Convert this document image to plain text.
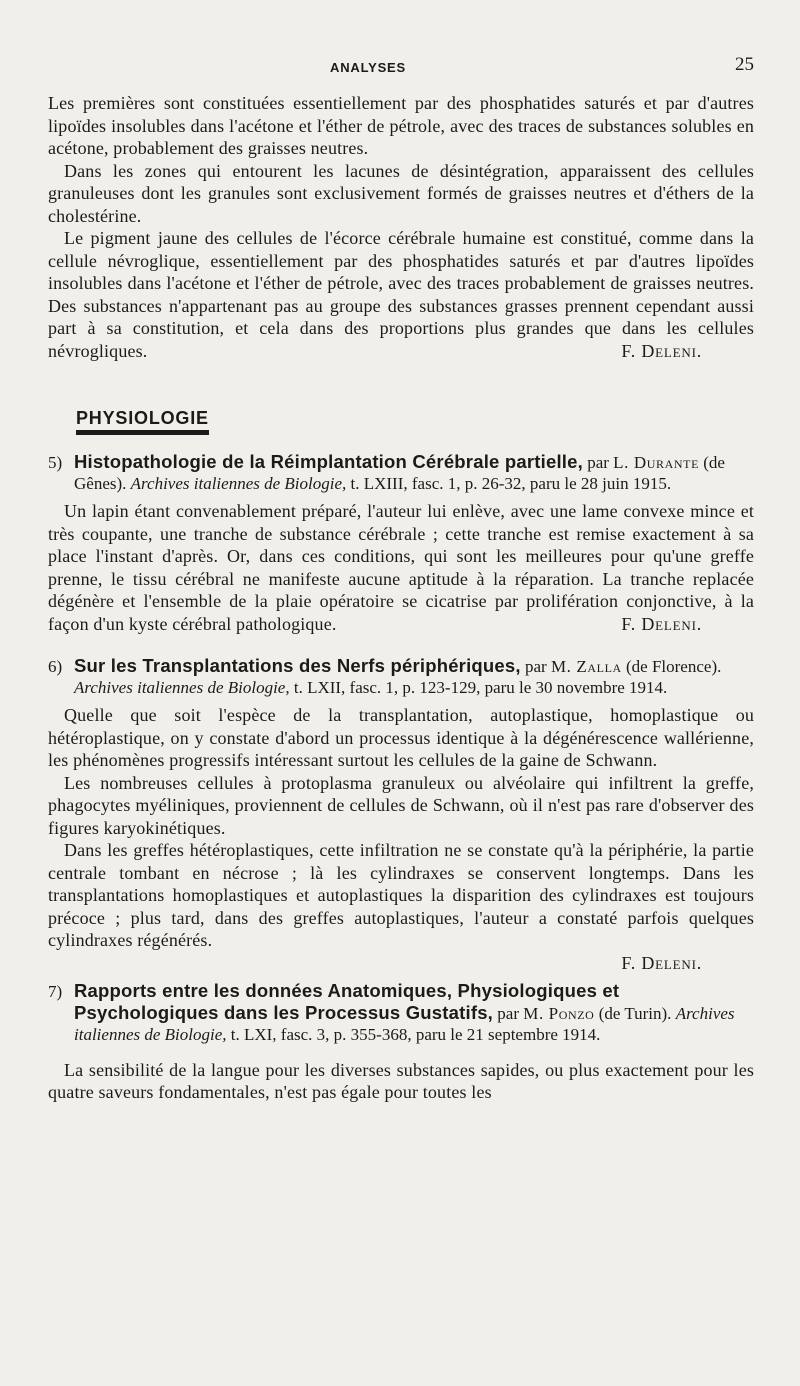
ANALYSES	25

Les premières sont constituées essentiellement par des phosphatides saturés et par d'autres lipoïdes insolubles dans l'acétone et l'éther de pétrole, avec des traces de substances solubles en acétone, probablement des graisses neutres.

Dans les zones qui entourent les lacunes de désintégration, apparaissent des cellules granuleuses dont les granules sont exclusivement formés de graisses neutres et d'éthers de la cholestérine.

Le pigment jaune des cellules de l'écorce cérébrale humaine est constitué, comme dans la cellule névroglique, essentiellement par des phosphatides saturés et par d'autres lipoïdes insolubles dans l'acétone et l'éther de pétrole, avec des traces probablement de graisses neutres. Des substances n'appartenant pas au groupe des substances grasses prennent cependant aussi part à sa constitution, et cela dans des proportions plus grandes que dans les cellules névrogliques.	F. Deleni.

PHYSIOLOGIE
5) Histopathologie de la Réimplantation Cérébrale partielle, par L. Durante (de Gênes). Archives italiennes de Biologie, t. LXIII, fasc. 1, p. 26-32, paru le 28 juin 1915.

Un lapin étant convenablement préparé, l'auteur lui enlève, avec une lame convexe mince et très coupante, une tranche de substance cérébrale ; cette tranche est remise exactement à sa place l'instant d'après. Or, dans ces conditions, qui sont les meilleures pour qu'une greffe prenne, le tissu cérébral ne manifeste aucune aptitude à la réparation. La tranche replacée dégénère et l'ensemble de la plaie opératoire se cicatrise par prolifération conjonctive, à la façon d'un kyste cérébral pathologique.	F. Deleni.

6) Sur les Transplantations des Nerfs périphériques, par M. Zalla (de Florence). Archives italiennes de Biologie, t. LXII, fasc. 1, p. 123-129, paru le 30 novembre 1914.

Quelle que soit l'espèce de la transplantation, autoplastique, homoplastique ou hétéroplastique, on y constate d'abord un processus identique à la dégénérescence wallérienne, les phénomènes progressifs intéressant surtout les cellules de la gaine de Schwann.

Les nombreuses cellules à protoplasma granuleux ou alvéolaire qui infiltrent la greffe, phagocytes myéliniques, proviennent de cellules de Schwann, où il n'est pas rare d'observer des figures karyokinétiques.

Dans les greffes hétéroplastiques, cette infiltration ne se constate qu'à la périphérie, la partie centrale tombant en nécrose ; là les cylindraxes se conservent longtemps. Dans les transplantations homoplastiques et autoplastiques la disparition des cylindraxes est toujours précoce ; plus tard, dans des greffes autoplastiques, l'auteur a constaté parfois quelques cylindraxes régénérés.

F. Deleni.
7) Rapports entre les données Anatomiques, Physiologiques et Psychologiques dans les Processus Gustatifs, par M. Ponzo (de Turin). Archives italiennes de Biologie, t. LXI, fasc. 3, p. 355-368, paru le 21 septembre 1914.

La sensibilité de la langue pour les diverses substances sapides, ou plus exactement pour les quatre saveurs fondamentales, n'est pas égale pour toutes les
